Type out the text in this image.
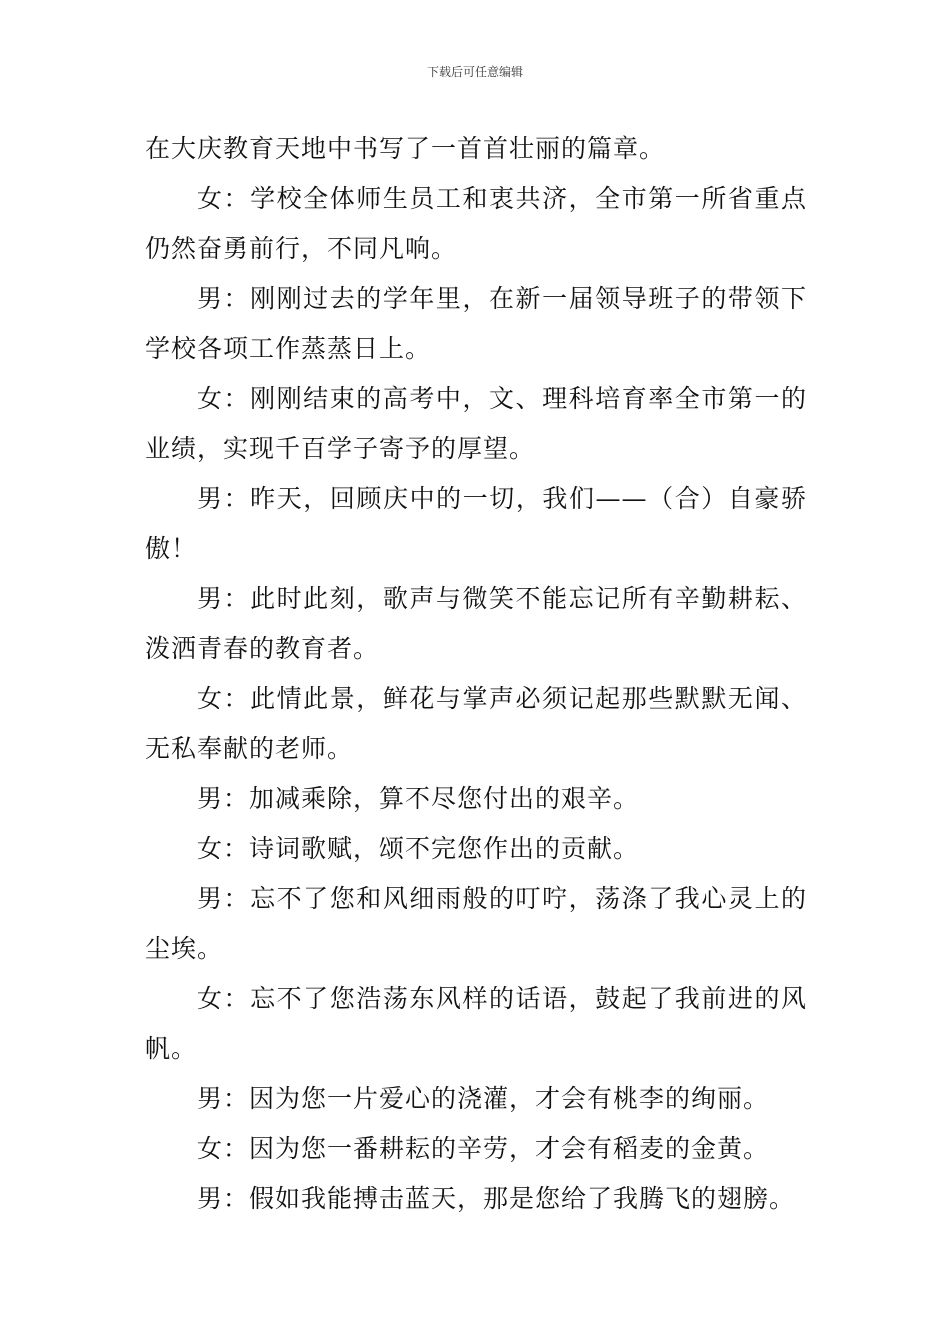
下载后可任意编辑

在大庆教育天地中书写了一首首壮丽的篇章。

女：学校全体师生员工和衷共济，全市第一所省重点仍然奋勇前行，不同凡响。

男：刚刚过去的学年里，在新一届领导班子的带领下学校各项工作蒸蒸日上。

女：刚刚结束的高考中，文、理科培育率全市第一的业绩，实现千百学子寄予的厚望。

男：昨天，回顾庆中的一切，我们——（合）自豪骄傲！

男：此时此刻，歌声与微笑不能忘记所有辛勤耕耘、泼洒青春的教育者。

女：此情此景，鲜花与掌声必须记起那些默默无闻、无私奉献的老师。

男：加减乘除，算不尽您付出的艰辛。

女：诗词歌赋，颂不完您作出的贡献。

男：忘不了您和风细雨般的叮咛，荡涤了我心灵上的尘埃。

女：忘不了您浩荡东风样的话语，鼓起了我前进的风帆。

男：因为您一片爱心的浇灌，才会有桃李的绚丽。

女：因为您一番耕耘的辛劳，才会有稻麦的金黄。

男：假如我能搏击蓝天，那是您给了我腾飞的翅膀。
